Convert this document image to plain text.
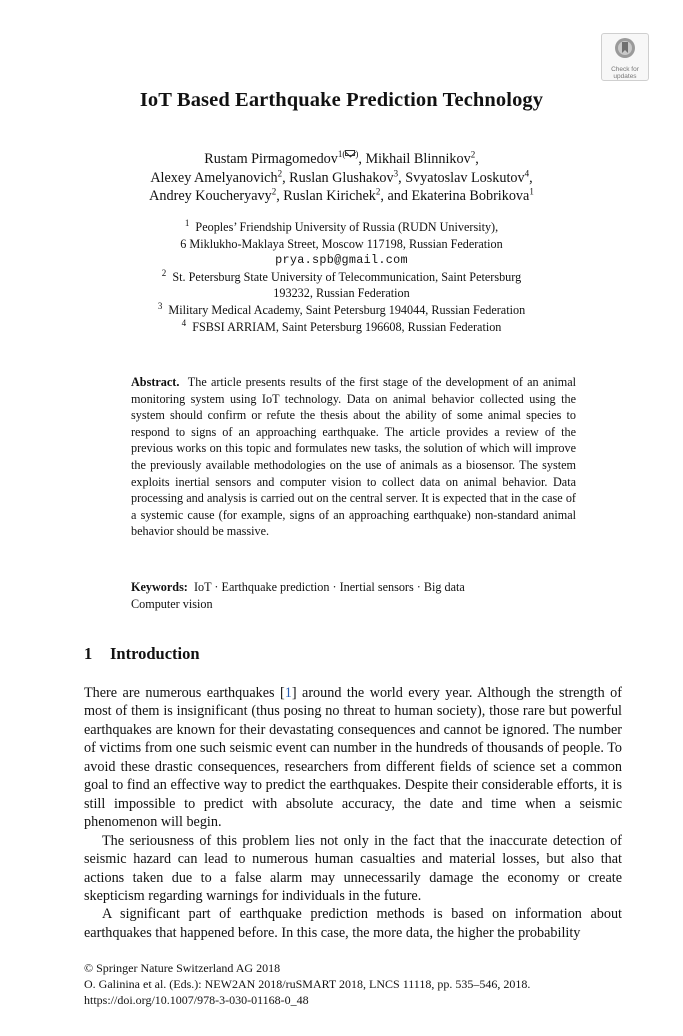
Check for
updates
IoT Based Earthquake Prediction Technology
Rustam Pirmagomedov$^{1( )}$, Mikhail Blinnikov$^2$,
Alexey Amelyanovich$^2$, Ruslan Glushakov$^3$, Svyatoslav Loskutov$^4$,
Andrey Koucheryavy$^2$, Ruslan Kirichek$^2$, and Ekaterina Bobrikova$^1$
$^1$ Peoples’ Friendship University of Russia (RUDN University),
6 Miklukho-Maklaya Street, Moscow 117198, Russian Federation
prya.spb@gmail.com
$^2$ St. Petersburg State University of Telecommunication, Saint Petersburg
193232, Russian Federation
$^3$ Military Medical Academy, Saint Petersburg 194044, Russian Federation
$^4$ FSBSI ARRIAM, Saint Petersburg 196608, Russian Federation

Abstract. The article presents results of the first stage of the development of an animal monitoring system using IoT technology. Data on animal behavior collected using the system should confirm or refute the thesis about the ability of some animal species to respond to signs of an approaching earthquake. The article provides a review of the previous works on this topic and formulates new tasks, the solution of which will improve the previously available methodologies on the use of animals as a biosensor. The system exploits inertial sensors and computer vision to collect data on animal behavior. Data processing and analysis is carried out on the central server. It is expected that in the case of a systemic cause (for example, signs of an approaching earthquake) non-standard animal behavior should be massive.

Keywords: IoT · Earthquake prediction · Inertial sensors · Big data
Computer vision
1 Introduction

There are numerous earthquakes [1] around the world every year. Although the strength of most of them is insignificant (thus posing no threat to human society), those rare but powerful earthquakes are known for their devastating consequences and cannot be ignored. The number of victims from one such seismic event can number in the hundreds of thousands of people. To avoid these drastic consequences, researchers from different fields of science set a common goal to find an effective way to predict the earthquakes. Despite their considerable efforts, it is still impossible to predict with absolute accuracy, the date and time when a seismic phenomenon will begin.

The seriousness of this problem lies not only in the fact that the inaccurate detection of seismic hazard can lead to numerous human casualties and material losses, but also that actions taken due to a false alarm may unnecessarily damage the economy or create skepticism regarding warnings for individuals in the future.

A significant part of earthquake prediction methods is based on information about earthquakes that happened before. In this case, the more data, the higher the probability

© Springer Nature Switzerland AG 2018
O. Galinina et al. (Eds.): NEW2AN 2018/ruSMART 2018, LNCS 11118, pp. 535–546, 2018.
https://doi.org/10.1007/978-3-030-01168-0_48
